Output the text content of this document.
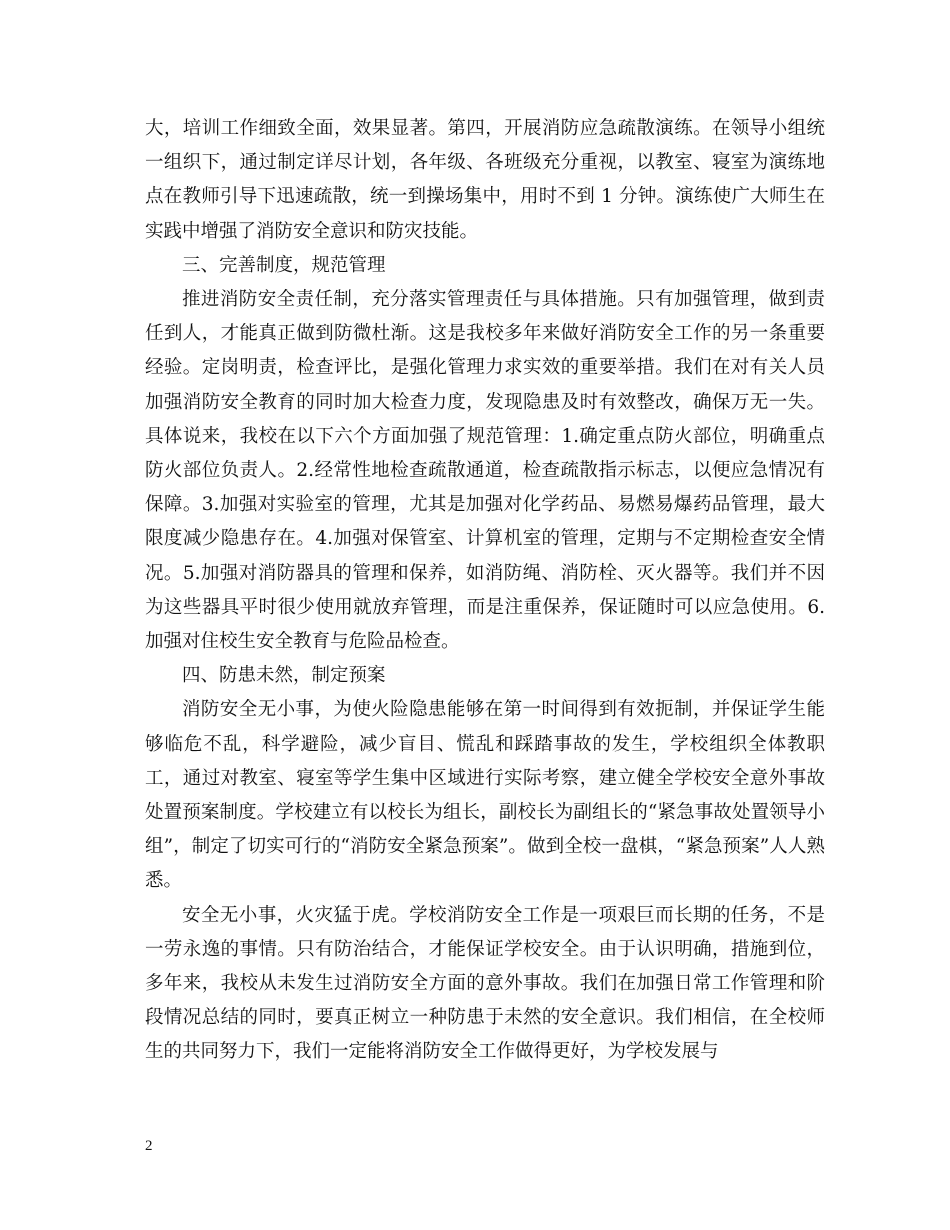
大，培训工作细致全面，效果显著。第四，开展消防应急疏散演练。在领导小组统一组织下，通过制定详尽计划，各年级、各班级充分重视，以教室、寝室为演练地点在教师引导下迅速疏散，统一到操场集中，用时不到 1 分钟。演练使广大师生在实践中增强了消防安全意识和防灾技能。

三、完善制度，规范管理

推进消防安全责任制，充分落实管理责任与具体措施。只有加强管理，做到责任到人，才能真正做到防微杜渐。这是我校多年来做好消防安全工作的另一条重要经验。定岗明责，检查评比，是强化管理力求实效的重要举措。我们在对有关人员加强消防安全教育的同时加大检查力度，发现隐患及时有效整改，确保万无一失。具体说来，我校在以下六个方面加强了规范管理：1.确定重点防火部位，明确重点防火部位负责人。2.经常性地检查疏散通道，检查疏散指示标志，以便应急情况有保障。3.加强对实验室的管理，尤其是加强对化学药品、易燃易爆药品管理，最大限度减少隐患存在。4.加强对保管室、计算机室的管理，定期与不定期检查安全情况。5.加强对消防器具的管理和保养，如消防绳、消防栓、灭火器等。我们并不因为这些器具平时很少使用就放弃管理，而是注重保养，保证随时可以应急使用。6.加强对住校生安全教育与危险品检查。

四、防患未然，制定预案

消防安全无小事，为使火险隐患能够在第一时间得到有效扼制，并保证学生能够临危不乱，科学避险，减少盲目、慌乱和踩踏事故的发生，学校组织全体教职工，通过对教室、寝室等学生集中区域进行实际考察，建立健全学校安全意外事故处置预案制度。学校建立有以校长为组长，副校长为副组长的“紧急事故处置领导小组”，制定了切实可行的“消防安全紧急预案”。做到全校一盘棋，“紧急预案”人人熟悉。

安全无小事，火灾猛于虎。学校消防安全工作是一项艰巨而长期的任务，不是一劳永逸的事情。只有防治结合，才能保证学校安全。由于认识明确，措施到位，多年来，我校从未发生过消防安全方面的意外事故。我们在加强日常工作管理和阶段情况总结的同时，要真正树立一种防患于未然的安全意识。我们相信，在全校师生的共同努力下，我们一定能将消防安全工作做得更好，为学校发展与

2
